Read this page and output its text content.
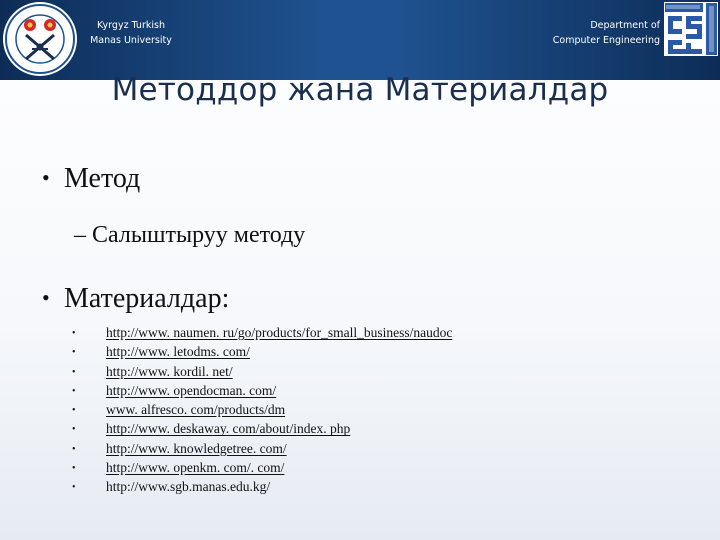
Kyrgyz Turkish
Manas University
Department of
Computer Engineering
Методдор жана Материалдар
• Метод
– Салыштыруу методу
• Материалдар:
• http://www. naumen. ru/go/products/for_small_business/naudoc
• http://www. letodms. com/
• http://www. kordil. net/
• http://www. opendocman. com/
• www. alfresco. com/products/dm
• http://www. deskaway. com/about/index. php
• http://www. knowledgetree. com/
• http://www. openkm. com/. com/
• http://www.sgb.manas.edu.kg/
